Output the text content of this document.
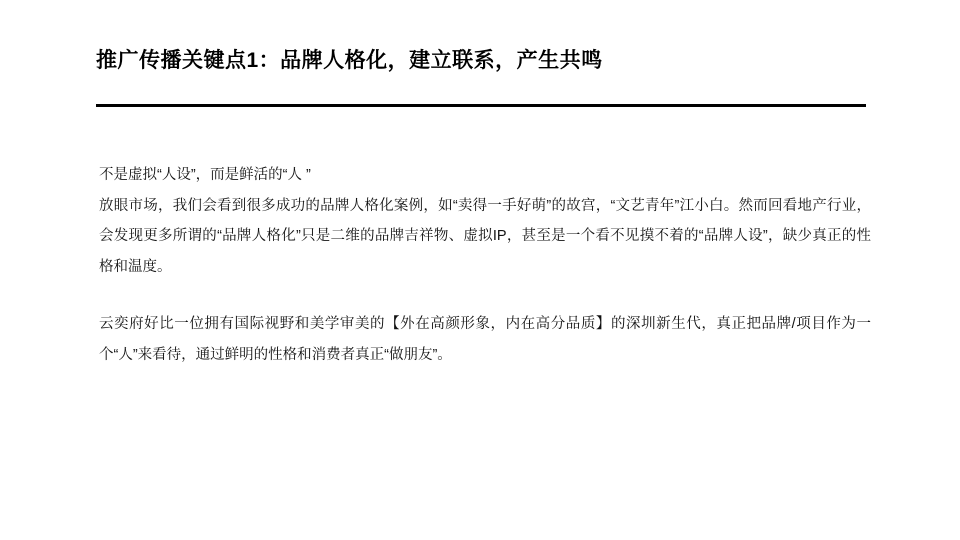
推广传播关键点1：品牌人格化，建立联系，产生共鸣

不是虚拟“人设”，而是鲜活的“人 ”

放眼市场，我们会看到很多成功的品牌人格化案例，如“卖得一手好萌”的故宫，“文艺青年”江小白。然而回看地产行业，会发现更多所谓的“品牌人格化”只是二维的品牌吉祥物、虚拟IP，甚至是一个看不见摸不着的“品牌人设”，缺少真正的性格和温度。

云奕府好比一位拥有国际视野和美学审美的【外在高颜形象，内在高分品质】的深圳新生代，真正把品牌/项目作为一个“人”来看待，通过鲜明的性格和消费者真正“做朋友”。
